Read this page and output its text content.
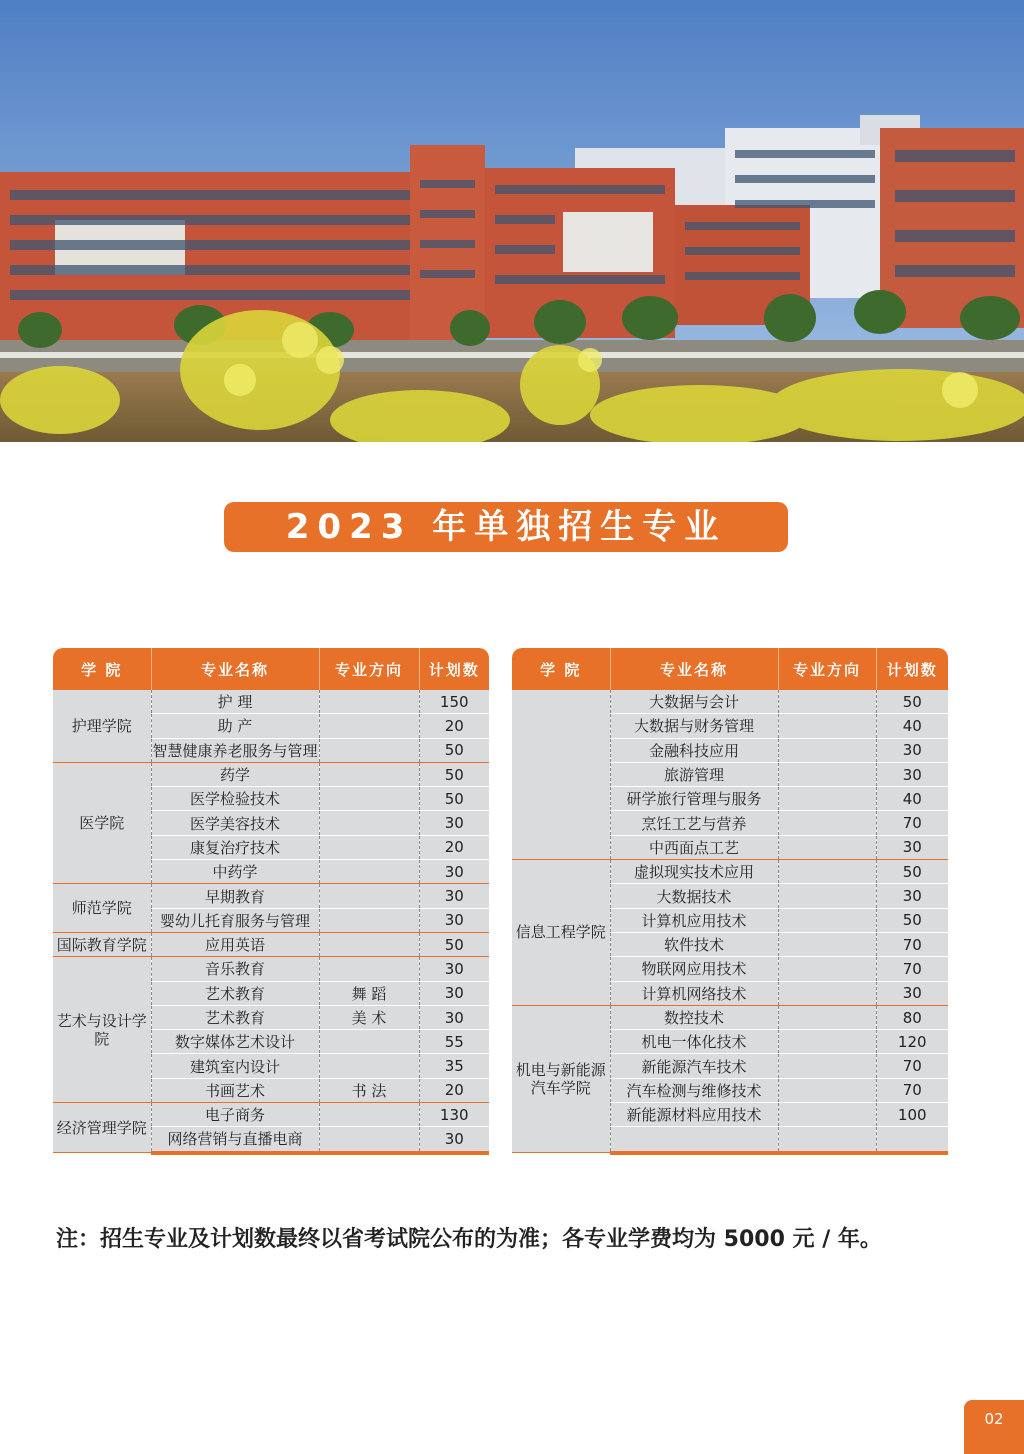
2023 年单独招生专业
学 院	专业名称	专业方向	计划数
护理学院	护 理		150
	助 产		20
	智慧健康养老服务与管理		50
医学院	药学		50
	医学检验技术		50
	医学美容技术		30
	康复治疗技术		20
	中药学		30
师范学院	早期教育		30
	婴幼儿托育服务与管理		30
国际教育学院	应用英语		50
艺术与设计学院	音乐教育		30
	艺术教育	舞 蹈	30
	艺术教育	美 术	30
	数字媒体艺术设计		55
	建筑室内设计		35
	书画艺术	书 法	20
经济管理学院	电子商务		130
	网络营销与直播电商		30
学 院	专业名称	专业方向	计划数
	大数据与会计		50
	大数据与财务管理		40
	金融科技应用		30
	旅游管理		30
	研学旅行管理与服务		40
	烹饪工艺与营养		70
	中西面点工艺		30
信息工程学院	虚拟现实技术应用		50
	大数据技术		30
	计算机应用技术		50
	软件技术		70
	物联网应用技术		70
	计算机网络技术		30
机电与新能源汽车学院	数控技术		80
	机电一体化技术		120
	新能源汽车技术		70
	汽车检测与维修技术		70
	新能源材料应用技术		100

注：招生专业及计划数最终以省考试院公布的为准；各专业学费均为 5000 元 / 年。
02
